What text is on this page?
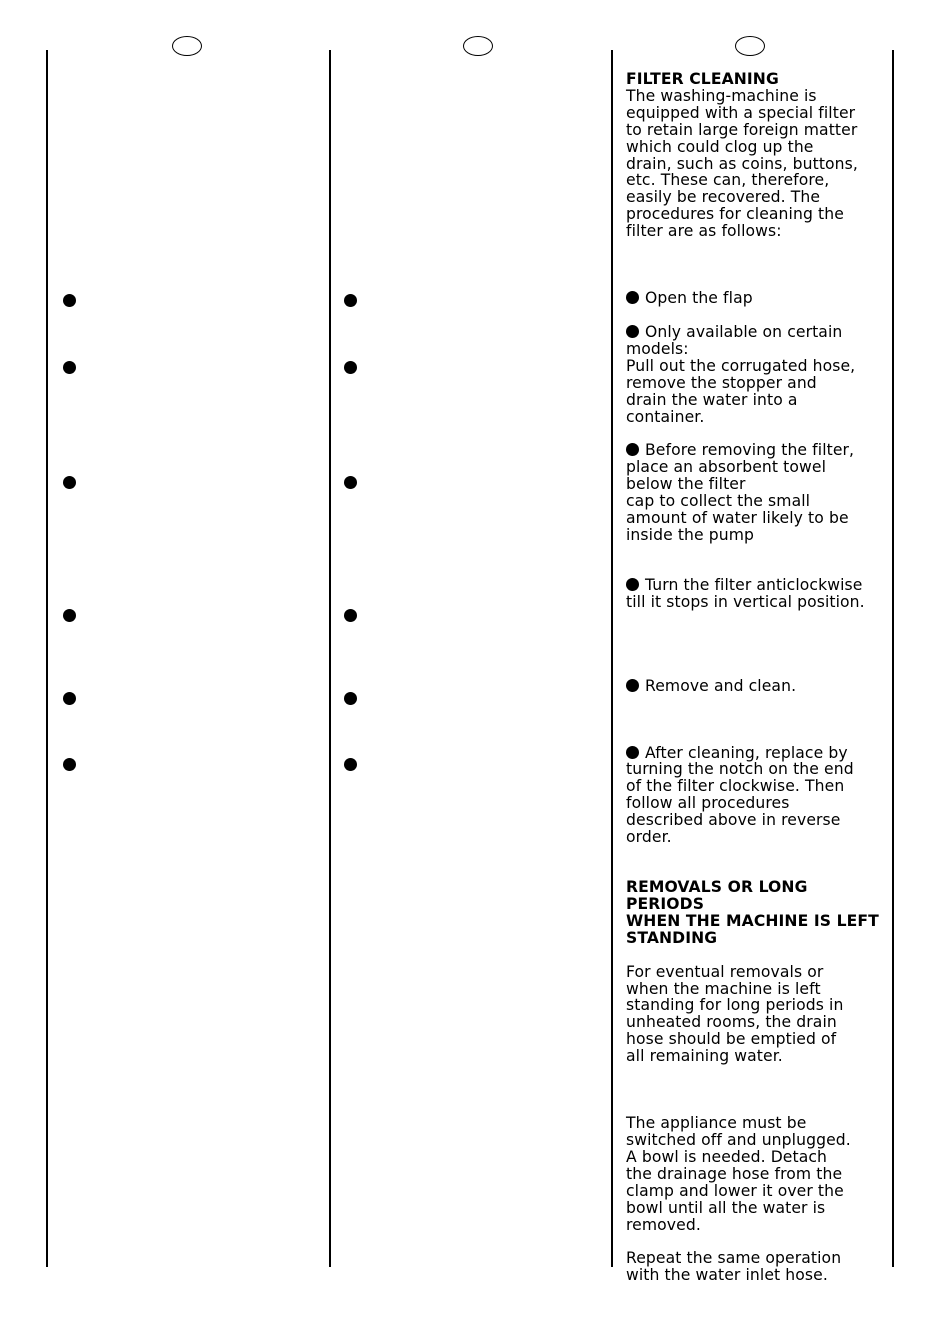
FILTER CLEANING

The washing-machine is
equipped with a special filter
to retain large foreign matter
which could clog up the
drain, such as coins, buttons,
etc. These can, therefore,
easily be recovered. The
procedures for cleaning the
filter are as follows:

Open the flap

Only available on certain
models:
Pull out the corrugated hose,
remove the stopper and
drain the water into a
container.

Before removing the filter,
place an absorbent towel
below the filter
cap to collect the small
amount of water likely to be
inside the pump

Turn the filter anticlockwise
till it stops in vertical position.

Remove and clean.

After cleaning, replace by
turning the notch on the end
of the filter clockwise. Then
follow all procedures
described above in reverse
order.

REMOVALS OR LONG PERIODS
WHEN THE MACHINE IS LEFT
STANDING

For eventual removals or
when the machine is left
standing for long periods in
unheated rooms, the drain
hose should be emptied of
all remaining water.

The appliance must be
switched off and unplugged.
A bowl is needed. Detach
the drainage hose from the
clamp and lower it over the
bowl until all the water is
removed.

Repeat the same operation
with the water inlet hose.
